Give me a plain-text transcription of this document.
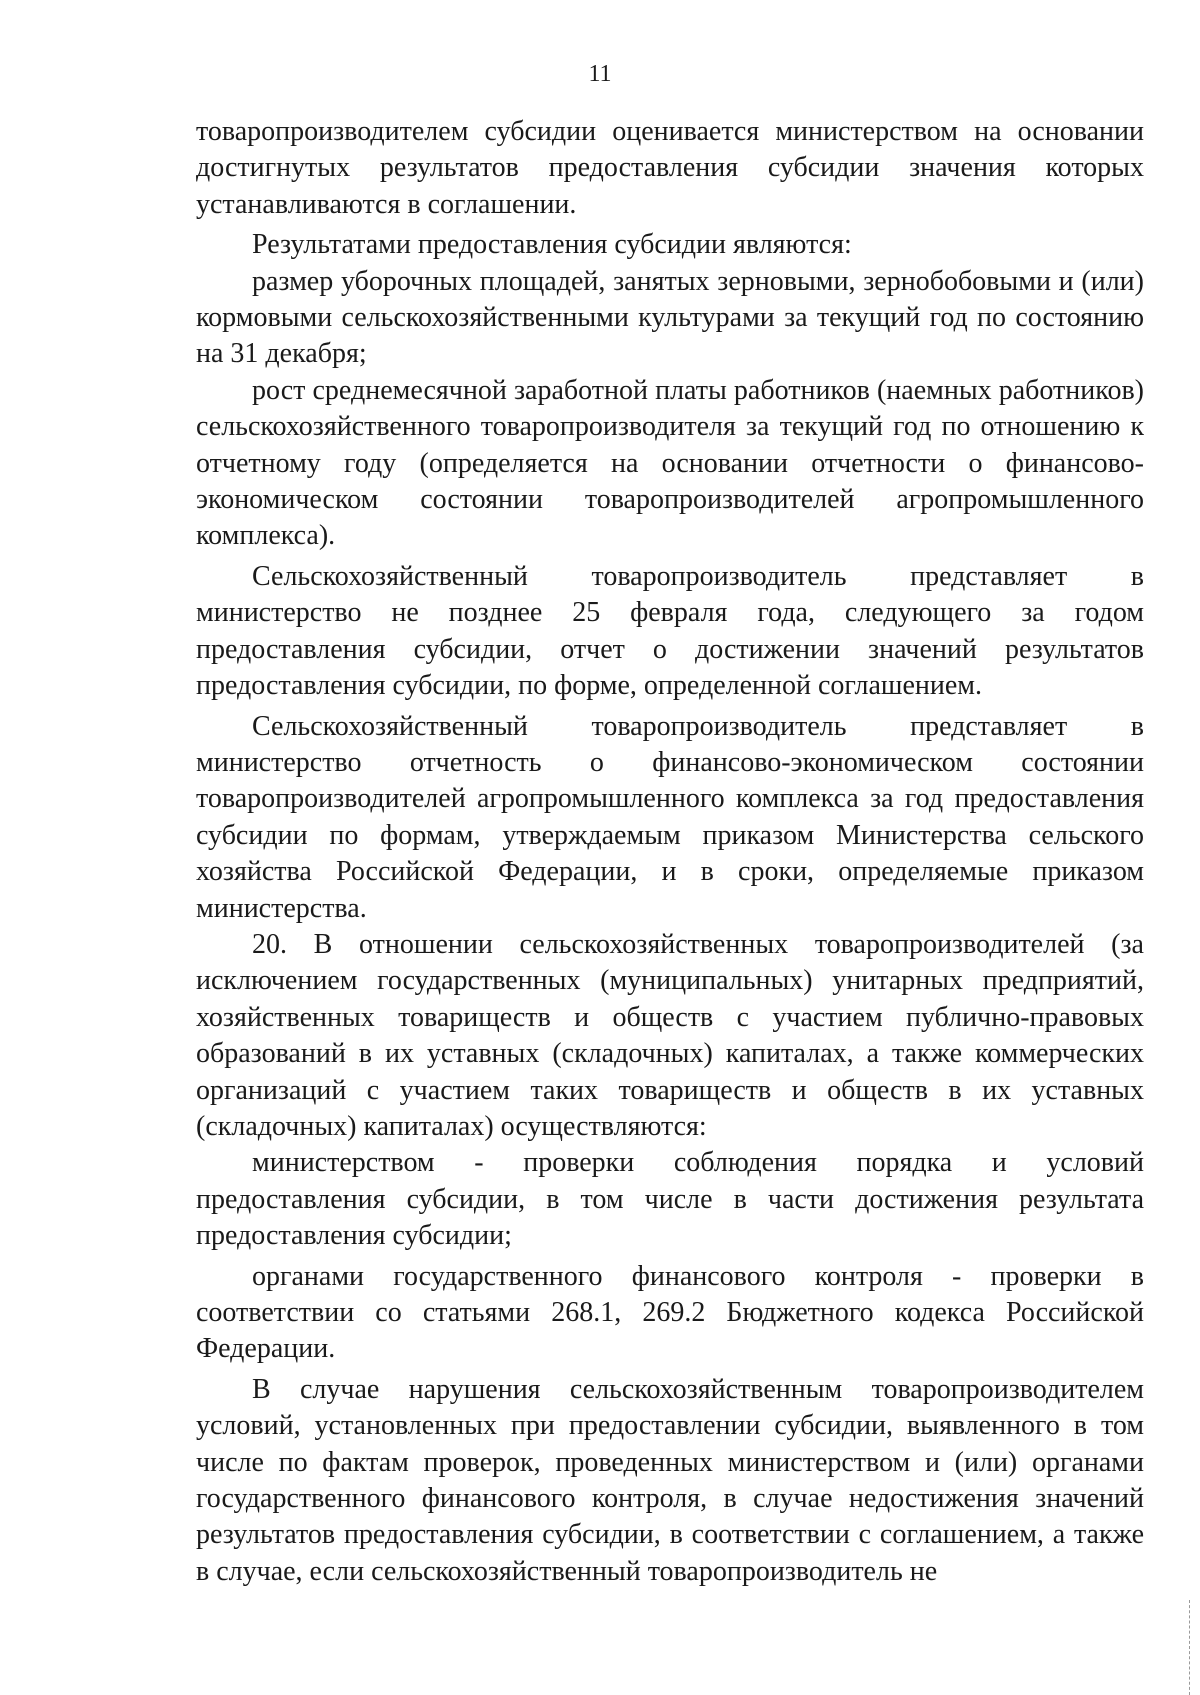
11

товаропроизводителем субсидии оценивается министерством на основании достигнутых результатов предоставления субсидии значения которых устанавливаются в соглашении.

Результатами предоставления субсидии являются:

размер уборочных площадей, занятых зерновыми, зернобобовыми и (или) кормовыми сельскохозяйственными культурами за текущий год по состоянию на 31 декабря;

рост среднемесячной заработной платы работников (наемных работников) сельскохозяйственного товаропроизводителя за текущий год по отношению к отчетному году (определяется на основании отчетности о финансово-экономическом состоянии товаропроизводителей агропромышленного комплекса).

Сельскохозяйственный товаропроизводитель представляет в министерство не позднее 25 февраля года, следующего за годом предоставления субсидии, отчет о достижении значений результатов предоставления субсидии, по форме, определенной соглашением.

Сельскохозяйственный товаропроизводитель представляет в министерство отчетность о финансово-экономическом состоянии товаропроизводителей агропромышленного комплекса за год предоставления субсидии по формам, утверждаемым приказом Министерства сельского хозяйства Российской Федерации, и в сроки, определяемые приказом министерства.

20. В отношении сельскохозяйственных товаропроизводителей (за исключением государственных (муниципальных) унитарных предприятий, хозяйственных товариществ и обществ с участием публично-правовых образований в их уставных (складочных) капиталах, а также коммерческих организаций с участием таких товариществ и обществ в их уставных (складочных) капиталах) осуществляются:

министерством - проверки соблюдения порядка и условий предоставления субсидии, в том числе в части достижения результата предоставления субсидии;

органами государственного финансового контроля - проверки в соответствии со статьями 268.1, 269.2 Бюджетного кодекса Российской Федерации.

В случае нарушения сельскохозяйственным товаропроизводителем условий, установленных при предоставлении субсидии, выявленного в том числе по фактам проверок, проведенных министерством и (или) органами государственного финансового контроля, в случае недостижения значений результатов предоставления субсидии, в соответствии с соглашением, а также в случае, если сельскохозяйственный товаропроизводитель не
